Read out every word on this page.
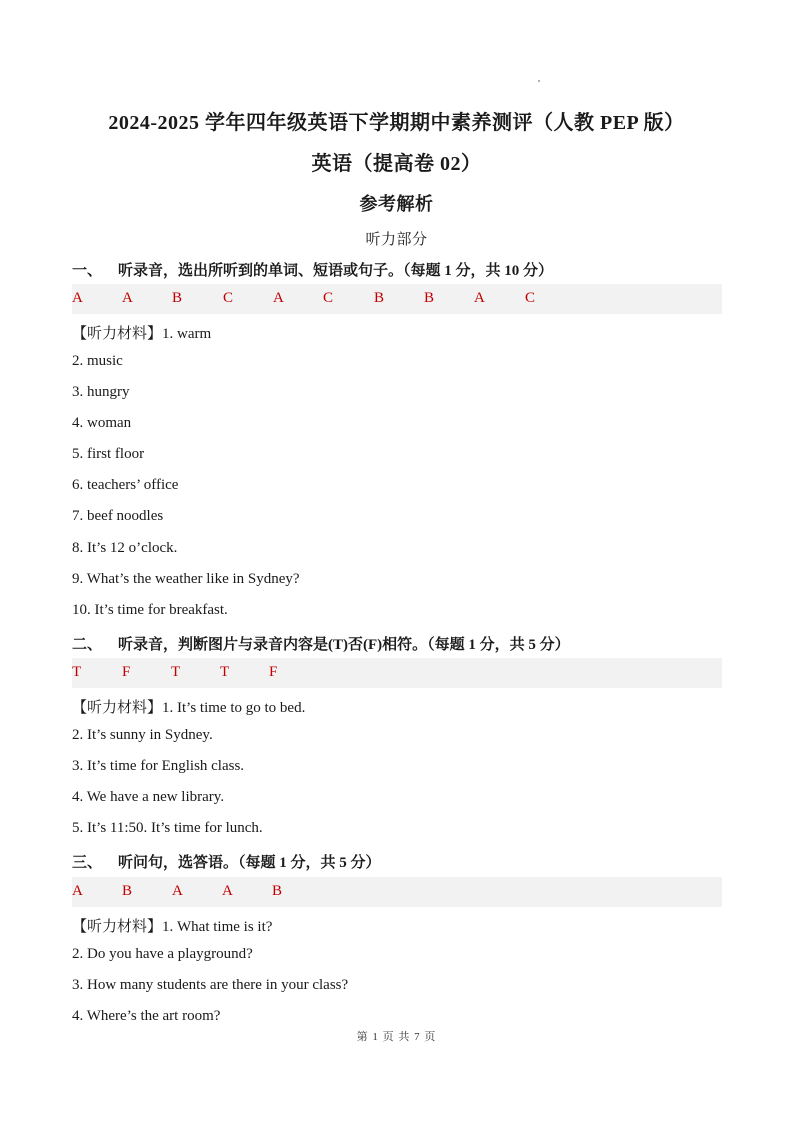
2024-2025 学年四年级英语下学期期中素养测评（人教 PEP 版）
英语（提高卷 02）
参考解析
听力部分
一、 听录音，选出所听到的单词、短语或句子。（每题 1 分，共 10 分）
A	A	B	C	A	C	B	B	A	C
【听力材料】1. warm
2. music
3. hungry
4. woman
5. first floor
6. teachers’ office
7. beef noodles
8. It’s 12 o’clock.
9. What’s the weather like in Sydney?
10. It’s time for breakfast.
二、 听录音，判断图片与录音内容是(T)否(F)相符。（每题 1 分，共 5 分）
T	F	T	T	F
【听力材料】1. It’s time to go to bed.
2. It’s sunny in Sydney.
3. It’s time for English class.
4. We have a new library.
5. It’s 11:50. It’s time for lunch.
三、 听问句，选答语。（每题 1 分，共 5 分）
A	B	A	A	B
【听力材料】1. What time is it?
2. Do you have a playground?
3. How many students are there in your class?
4. Where’s the art room?
第 1 页 共 7 页
